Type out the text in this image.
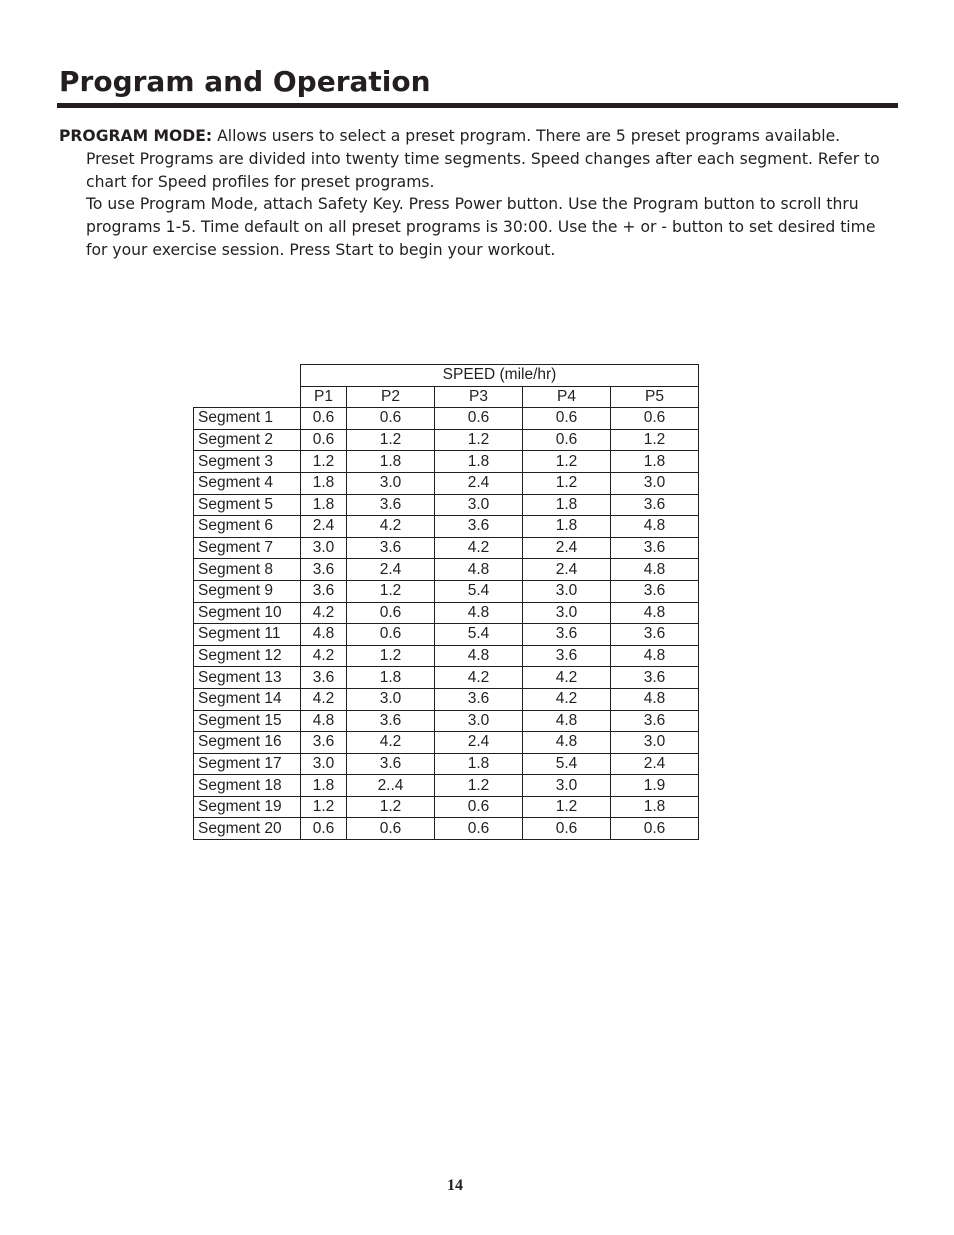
Program and Operation

PROGRAM MODE: Allows users to select a preset program. There are 5 preset programs available. Preset Programs are divided into twenty time segments. Speed changes after each segment. Refer to chart for Speed profiles for preset programs.

To use Program Mode, attach Safety Key. Press Power button. Use the Program button to scroll thru programs 1-5. Time default on all preset programs is 30:00. Use the + or - button to set desired time for your exercise session. Press Start to begin your workout.

	SPEED (mile/hr)				
	P1	P2	P3	P4	P5
Segment 1	0.6	0.6	0.6	0.6	0.6
Segment 2	0.6	1.2	1.2	0.6	1.2
Segment 3	1.2	1.8	1.8	1.2	1.8
Segment 4	1.8	3.0	2.4	1.2	3.0
Segment 5	1.8	3.6	3.0	1.8	3.6
Segment 6	2.4	4.2	3.6	1.8	4.8
Segment 7	3.0	3.6	4.2	2.4	3.6
Segment 8	3.6	2.4	4.8	2.4	4.8
Segment 9	3.6	1.2	5.4	3.0	3.6
Segment 10	4.2	0.6	4.8	3.0	4.8
Segment 11	4.8	0.6	5.4	3.6	3.6
Segment 12	4.2	1.2	4.8	3.6	4.8
Segment 13	3.6	1.8	4.2	4.2	3.6
Segment 14	4.2	3.0	3.6	4.2	4.8
Segment 15	4.8	3.6	3.0	4.8	3.6
Segment 16	3.6	4.2	2.4	4.8	3.0
Segment 17	3.0	3.6	1.8	5.4	2.4
Segment 18	1.8	2..4	1.2	3.0	1.9
Segment 19	1.2	1.2	0.6	1.2	1.8
Segment 20	0.6	0.6	0.6	0.6	0.6
14
